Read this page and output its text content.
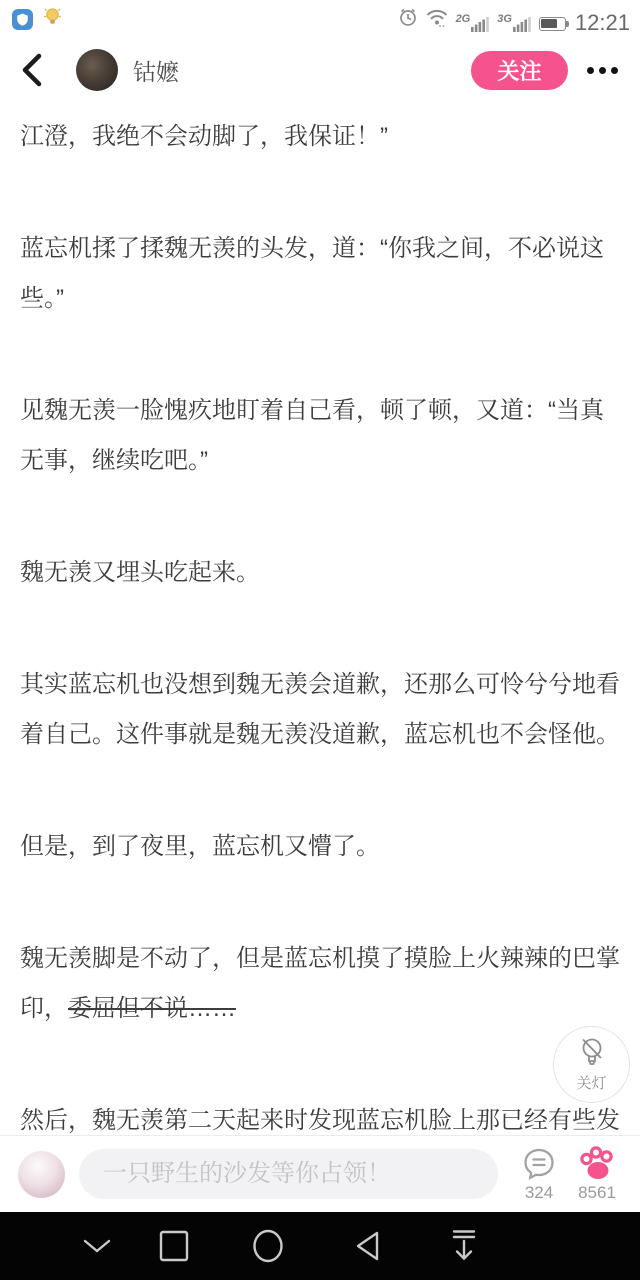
2G 3G	12:21
钴嬷	关注

江澄，我绝不会动脚了，我保证！”

蓝忘机揉了揉魏无羡的头发，道：“你我之间，不必说这些。”

见魏无羡一脸愧疚地盯着自己看，顿了顿，又道：“当真无事，继续吃吧。”

魏无羡又埋头吃起来。

其实蓝忘机也没想到魏无羡会道歉，还那么可怜兮兮地看着自己。这件事就是魏无羡没道歉，蓝忘机也不会怪他。

但是，到了夜里，蓝忘机又懵了。

魏无羡脚是不动了，但是蓝忘机摸了摸脸上火辣辣的巴掌印，委屈但不说……

然后，魏无羡第二天起来时发现蓝忘机脸上那已经有些发

关灯
一只野生的沙发等你占领！
324 8561
